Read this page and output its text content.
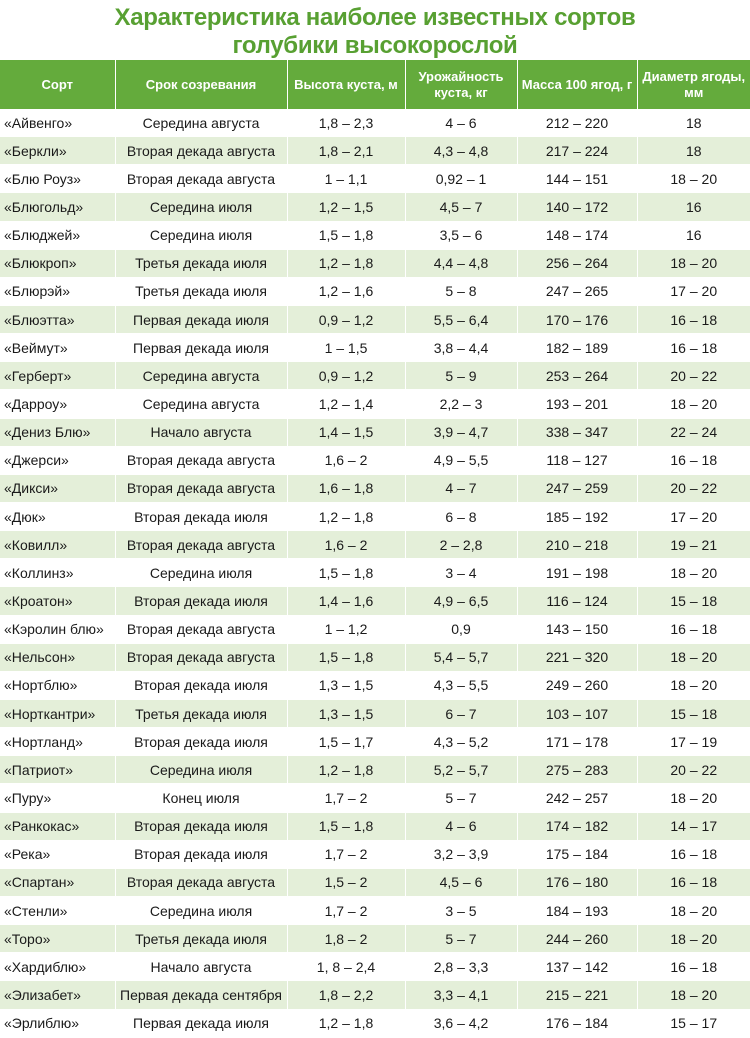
Характеристика наиболее известных сортов
голубики высокорослой
Сорт	Срок созревания	Высота куста, м	Урожайность куста, кг	Масса 100 ягод, г	Диаметр ягоды, мм
«Айвенго»	Середина августа	1,8 – 2,3	4 – 6	212 – 220	18
«Беркли»	Вторая декада августа	1,8 – 2,1	4,3 – 4,8	217 – 224	18
«Блю Роуз»	Вторая декада августа	1 – 1,1	0,92 – 1	144 – 151	18 – 20
«Блюгольд»	Середина июля	1,2 – 1,5	4,5 – 7	140 – 172	16
«Блюджей»	Середина июля	1,5 – 1,8	3,5 – 6	148 – 174	16
«Блюкроп»	Третья декада июля	1,2 – 1,8	4,4 – 4,8	256 – 264	18 – 20
«Блюрэй»	Третья декада июля	1,2 – 1,6	5 – 8	247 – 265	17 – 20
«Блюэтта»	Первая декада июля	0,9 – 1,2	5,5 – 6,4	170 – 176	16 – 18
«Веймут»	Первая декада июля	1 – 1,5	3,8 – 4,4	182 – 189	16 – 18
«Герберт»	Середина августа	0,9 – 1,2	5 – 9	253 – 264	20 – 22
«Дарроу»	Середина августа	1,2 – 1,4	2,2 – 3	193 – 201	18 – 20
«Дениз Блю»	Начало августа	1,4 – 1,5	3,9 – 4,7	338 – 347	22 – 24
«Джерси»	Вторая декада августа	1,6 – 2	4,9 – 5,5	118 – 127	16 – 18
«Дикси»	Вторая декада августа	1,6 – 1,8	4 – 7	247 – 259	20 – 22
«Дюк»	Вторая декада июля	1,2 – 1,8	6 – 8	185 – 192	17 – 20
«Ковилл»	Вторая декада августа	1,6 – 2	2 – 2,8	210 – 218	19 – 21
«Коллинз»	Середина июля	1,5 – 1,8	3 – 4	191 – 198	18 – 20
«Кроатон»	Вторая декада июля	1,4 – 1,6	4,9 – 6,5	116 – 124	15 – 18
«Кэролин блю»	Вторая декада августа	1 – 1,2	0,9	143 – 150	16 – 18
«Нельсон»	Вторая декада августа	1,5 – 1,8	5,4 – 5,7	221 – 320	18 – 20
«Нортблю»	Вторая декада июля	1,3 – 1,5	4,3 – 5,5	249 – 260	18 – 20
«Норткантри»	Третья декада июля	1,3 – 1,5	6 – 7	103 – 107	15 – 18
«Нортланд»	Вторая декада июля	1,5 – 1,7	4,3 – 5,2	171 – 178	17 – 19
«Патриот»	Середина июля	1,2 – 1,8	5,2 – 5,7	275 – 283	20 – 22
«Пуру»	Конец июля	1,7 – 2	5 – 7	242 – 257	18 – 20
«Ранкокас»	Вторая декада июля	1,5 – 1,8	4 – 6	174 – 182	14 – 17
«Река»	Вторая декада июля	1,7 – 2	3,2 – 3,9	175 – 184	16 – 18
«Спартан»	Вторая декада августа	1,5 – 2	4,5 – 6	176 – 180	16 – 18
«Стенли»	Середина июля	1,7 – 2	3 – 5	184 – 193	18 – 20
«Торо»	Третья декада июля	1,8 – 2	5 – 7	244 – 260	18 – 20
«Хардиблю»	Начало августа	1, 8 – 2,4	2,8 – 3,3	137 – 142	16 – 18
«Элизабет»	Первая декада сентября	1,8 – 2,2	3,3 – 4,1	215 – 221	18 – 20
«Эрлиблю»	Первая декада июля	1,2 – 1,8	3,6 – 4,2	176 – 184	15 – 17
